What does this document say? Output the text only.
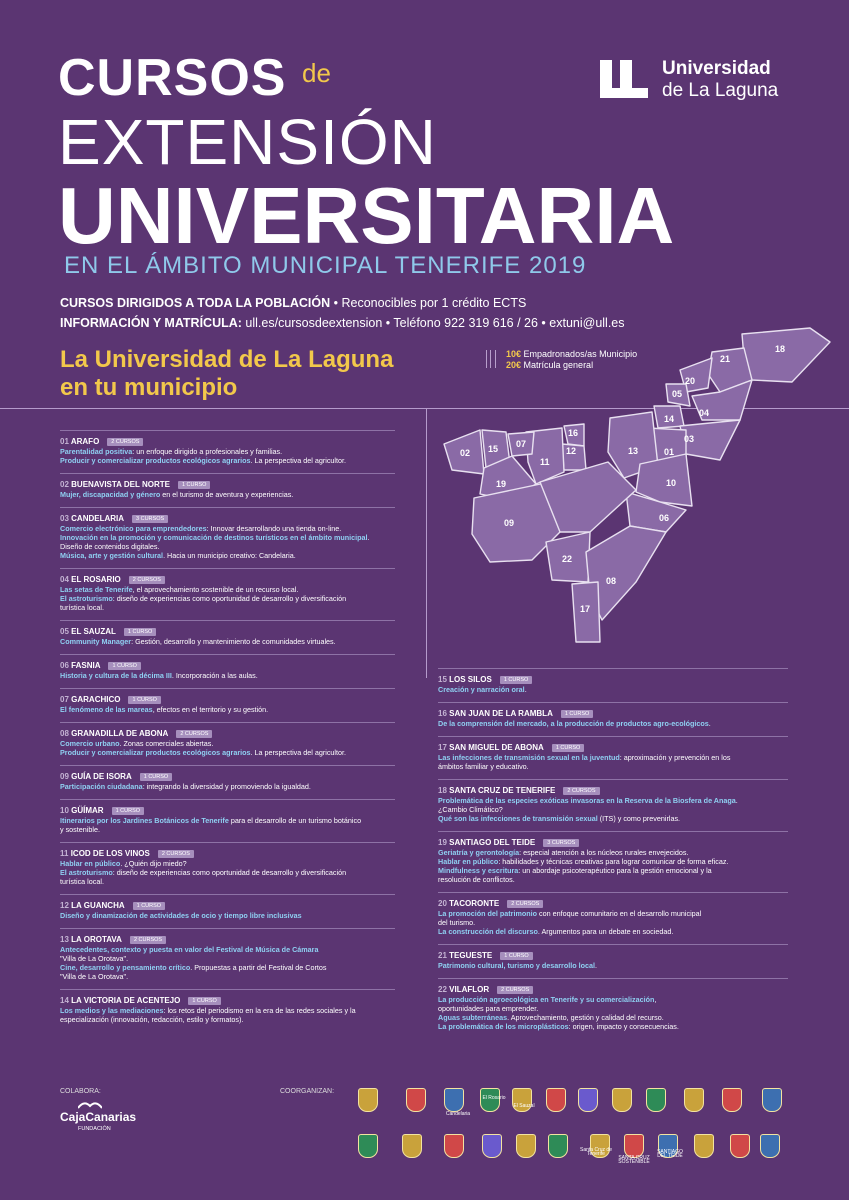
CURSOS de
EXTENSIÓN
UNIVERSITARIA
EN EL ÁMBITO MUNICIPAL TENERIFE 2019
CURSOS DIRIGIDOS A TODA LA POBLACIÓN • Reconocibles por 1 crédito ECTS
INFORMACIÓN Y MATRÍCULA: ull.es/cursosdeextension • Teléfono 922 319 616 / 26 • extuni@ull.es
Universidad
de La Laguna
La Universidad de La Laguna
en tu municipio
10€ Empadronados/as Municipio
20€ Matrícula general
18
21
20
05
04
14
03
01
13
16
12
11
07
15
02
19	10
06
09
22
08
17
01 ARAFO 2 CURSOS
Parentalidad positiva: un enfoque dirigido a profesionales y familias.
Producir y comercializar productos ecológicos agrarios. La perspectiva del agricultor.
02 BUENAVISTA DEL NORTE 1 CURSO
Mujer, discapacidad y género en el turismo de aventura y experiencias.
03 CANDELARIA 3 CURSOS
Comercio electrónico para emprendedores: Innovar desarrollando una tienda on-line.
Innovación en la promoción y comunicación de destinos turísticos en el ámbito municipal.
Diseño de contenidos digitales.
Música, arte y gestión cultural. Hacia un municipio creativo: Candelaria.
04 EL ROSARIO 2 CURSOS
Las setas de Tenerife, el aprovechamiento sostenible de un recurso local.
El astroturismo: diseño de experiencias como oportunidad de desarrollo y diversificación
turística local.
05 EL SAUZAL 1 CURSO
Community Manager: Gestión, desarrollo y mantenimiento de comunidades virtuales.
06 FASNIA 1 CURSO
Historia y cultura de la décima III. Incorporación a las aulas.
07 GARACHICO 1 CURSO
El fenómeno de las mareas, efectos en el territorio y su gestión.
08 GRANADILLA DE ABONA 2 CURSOS
Comercio urbano. Zonas comerciales abiertas.
Producir y comercializar productos ecológicos agrarios. La perspectiva del agricultor.
09 GUÍA DE ISORA 1 CURSO
Participación ciudadana: integrando la diversidad y promoviendo la igualdad.
10 GÜÍMAR 1 CURSO
Itinerarios por los Jardines Botánicos de Tenerife para el desarrollo de un turismo botánico
y sostenible.
11 ICOD DE LOS VINOS 2 CURSOS
Hablar en público. ¿Quién dijo miedo?
El astroturismo: diseño de experiencias como oportunidad de desarrollo y diversificación
turística local.
12 LA GUANCHA 1 CURSO
Diseño y dinamización de actividades de ocio y tiempo libre inclusivas
13 LA OROTAVA 2 CURSOS
Antecedentes, contexto y puesta en valor del Festival de Música de Cámara
"Villa de La Orotava".
Cine, desarrollo y pensamiento crítico. Propuestas a partir del Festival de Cortos
"Villa de La Orotava".
14 LA VICTORIA DE ACENTEJO 1 CURSO
Los medios y las mediaciones: los retos del periodismo en la era de las redes sociales y la
especialización (innovación, redacción, estilo y formatos).
15 LOS SILOS 1 CURSO
Creación y narración oral.
16 SAN JUAN DE LA RAMBLA 1 CURSO
De la comprensión del mercado, a la producción de productos agro-ecológicos.
17 SAN MIGUEL DE ABONA 1 CURSO
Las infecciones de transmisión sexual en la juventud: aproximación y prevención en los
ámbitos familiar y educativo.
18 SANTA CRUZ DE TENERIFE 2 CURSOS
Problemática de las especies exóticas invasoras en la Reserva de la Biosfera de Anaga.
¿Cambio Climático?
Qué son las infecciones de transmisión sexual (ITS) y como prevenirlas.
19 SANTIAGO DEL TEIDE 3 CURSOS
Geriatría y gerontología: especial atención a los núcleos rurales envejecidos.
Hablar en público: habilidades y técnicas creativas para lograr comunicar de forma eficaz.
Mindfulness y escritura: un abordaje psicoterapéutico para la gestión emocional y la
resolución de conflictos.
20 TACORONTE 2 CURSOS
La promoción del patrimonio con enfoque comunitario en el desarrollo municipal
del turismo.
La construcción del discurso. Argumentos para un debate en sociedad.
21 TEGUESTE 1 CURSO
Patrimonio cultural, turismo y desarrollo local.
22 VILAFLOR 2 CURSOS
La producción agroecológica en Tenerife y su comercialización,
oportunidades para emprender.
Aguas subterráneas. Aprovechamiento, gestión y calidad del recurso.
La problemática de los microplásticos: origen, impacto y consecuencias.
COLABORA:	COORGANIZAN:
CajaCanarias
FUNDACIÓN
Candelaria
El Rosario
El Sauzal
Santa Cruz de Tenerife
SANTA CRUZ SOSTENIBLE
SANTIAGO DEL TEIDE
